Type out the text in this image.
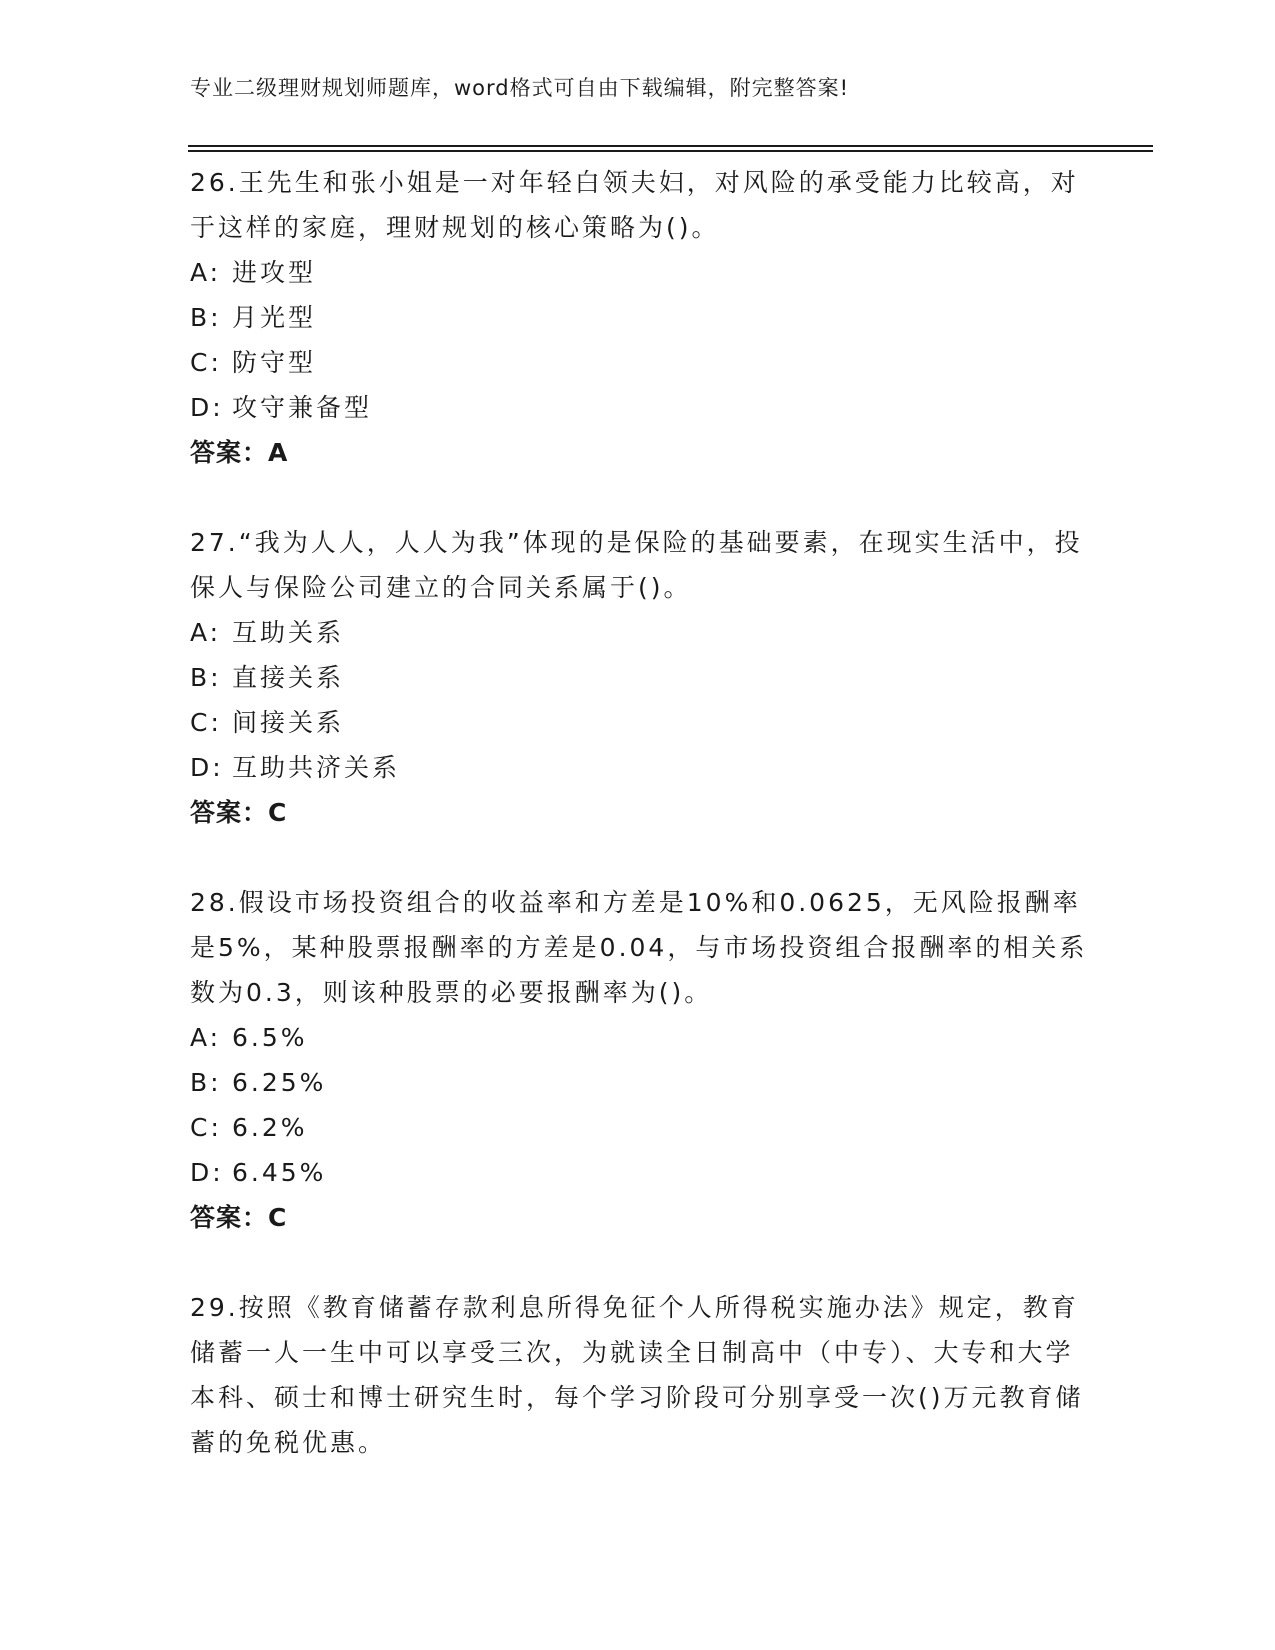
专业二级理财规划师题库，word格式可自由下载编辑，附完整答案!

26.王先生和张小姐是一对年轻白领夫妇，对风险的承受能力比较高，对于这样的家庭，理财规划的核心策略为()。

A: 进攻型

B: 月光型

C: 防守型

D: 攻守兼备型

答案：A

27.“我为人人，人人为我”体现的是保险的基础要素，在现实生活中，投保人与保险公司建立的合同关系属于()。

A: 互助关系

B: 直接关系

C: 间接关系

D: 互助共济关系

答案：C

28.假设市场投资组合的收益率和方差是10%和0.0625，无风险报酬率是5%，某种股票报酬率的方差是0.04，与市场投资组合报酬率的相关系数为0.3，则该种股票的必要报酬率为()。

A: 6.5%

B: 6.25%

C: 6.2%

D: 6.45%

答案：C

29.按照《教育储蓄存款利息所得免征个人所得税实施办法》规定，教育储蓄一人一生中可以享受三次，为就读全日制高中（中专）、大专和大学本科、硕士和博士研究生时，每个学习阶段可分别享受一次()万元教育储蓄的免税优惠。
